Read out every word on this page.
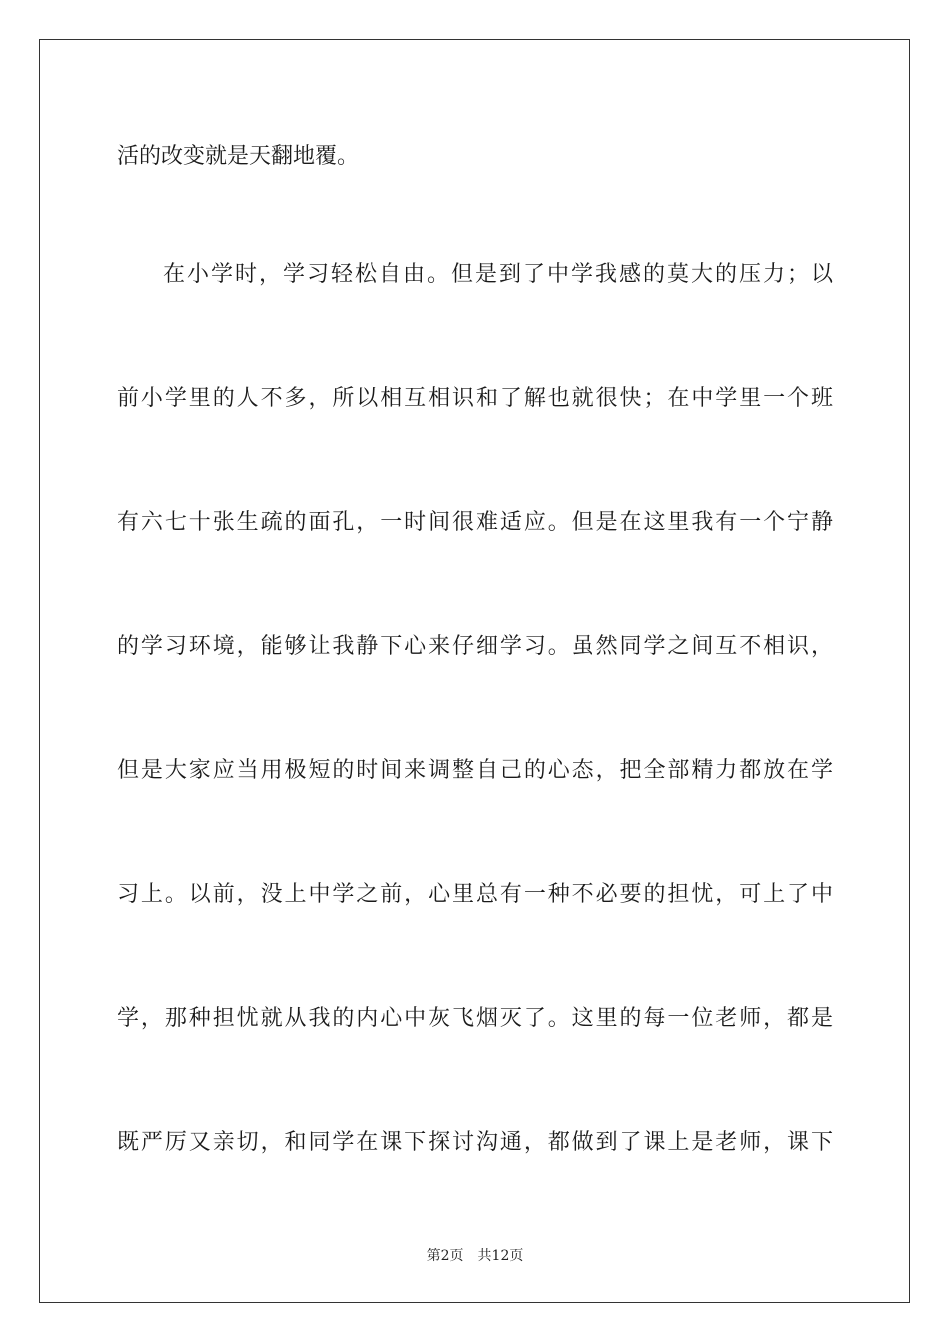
活的改变就是天翻地覆。
在小学时，学习轻松自由。但是到了中学我感的莫大的压力；以
前小学里的人不多，所以相互相识和了解也就很快；在中学里一个班
有六七十张生疏的面孔，一时间很难适应。但是在这里我有一个宁静
的学习环境，能够让我静下心来仔细学习。虽然同学之间互不相识，
但是大家应当用极短的时间来调整自己的心态，把全部精力都放在学
习上。以前，没上中学之前，心里总有一种不必要的担忧，可上了中
学，那种担忧就从我的内心中灰飞烟灭了。这里的每一位老师，都是
既严厉又亲切，和同学在课下探讨沟通，都做到了课上是老师，课下
第2页　共12页
